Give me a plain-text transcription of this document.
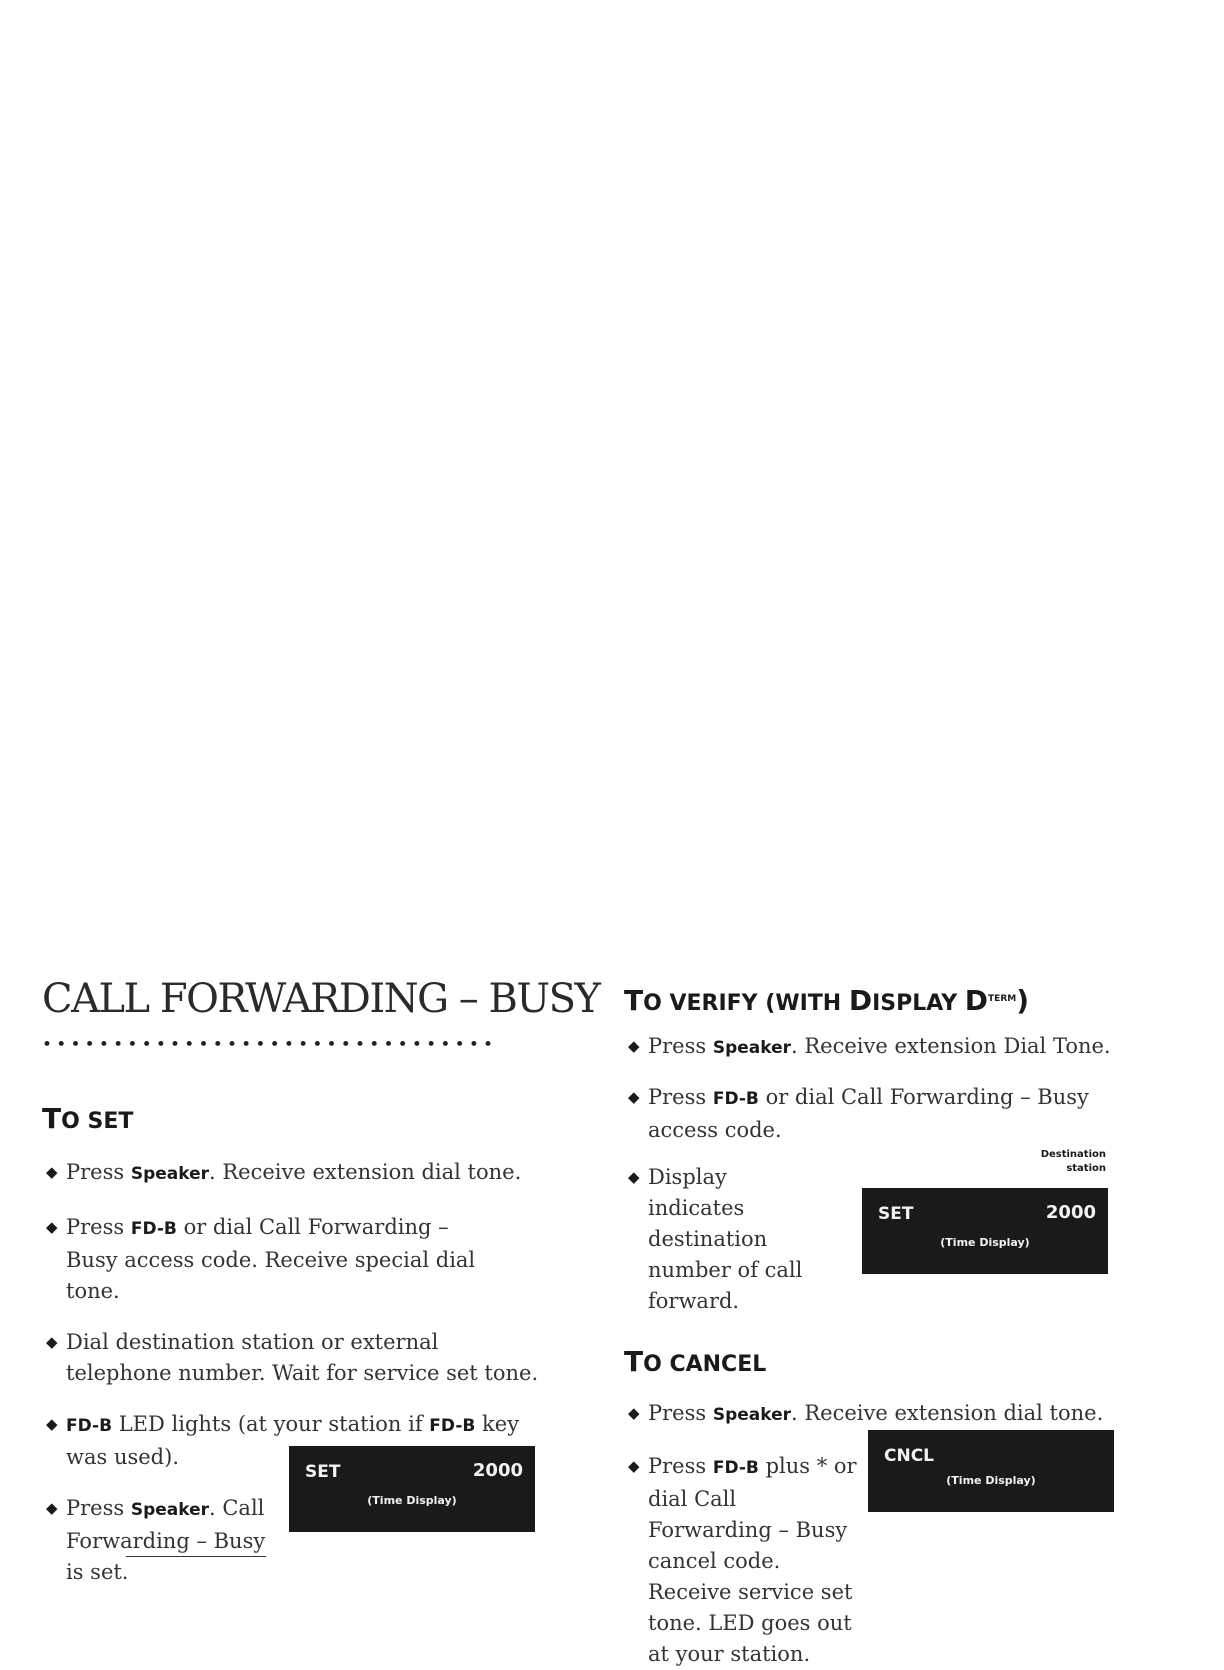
CALL FORWARDING – BUSY
••••••••••••••••••••••••••••••••
TO SET
◆ Press Speaker. Receive extension dial tone.
◆ Press FD-B or dial Call Forwarding – Busy access code. Receive special dial tone.
◆ Dial destination station or external telephone number. Wait for service set tone.
◆ FD-B LED lights (at your station if FD-B key was used).
◆ Press Speaker. Call Forwarding – Busy is set.
SET	2000
(Time Display)
TO VERIFY (WITH DISPLAY $D^{TERM}$)
◆ Press Speaker. Receive extension Dial Tone.
◆ Press FD-B or dial Call Forwarding – Busy access code.
◆ Display indicates destination number of call forward.
TO CANCEL
◆ Press Speaker. Receive extension dial tone.
◆ Press FD-B plus * or dial Call Forwarding – Busy cancel code. Receive service set tone. LED goes out at your station.
Destination station
SET	2000
(Time Display)
CNCL
(Time Display)
